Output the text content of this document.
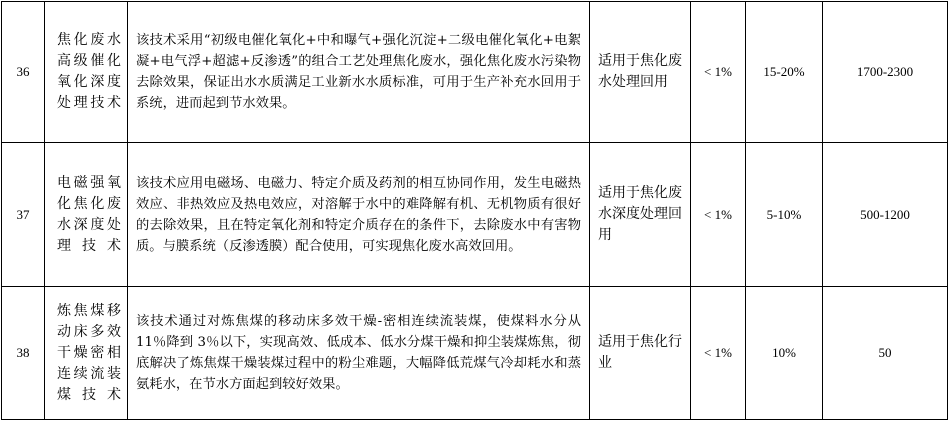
36	焦化废水高级催化氧化深度处理技术	该技术采用“初级电催化氧化+中和曝气+强化沉淀+二级电催化氧化+电絮凝+电气浮+超滤+反渗透”的组合工艺处理焦化废水，强化焦化废水污染物去除效果，保证出水水质满足工业新水水质标准，可用于生产补充水回用于系统，进而起到节水效果。	适用于焦化废水处理回用	< 1%	15-20%	1700-2300
37	电磁强氧化焦化废水深度处理技术	该技术应用电磁场、电磁力、特定介质及药剂的相互协同作用，发生电磁热效应、非热效应及热电效应，对溶解于水中的难降解有机、无机物质有很好的去除效果，且在特定氧化剂和特定介质存在的条件下，去除废水中有害物质。与膜系统（反渗透膜）配合使用，可实现焦化废水高效回用。	适用于焦化废水深度处理回用	< 1%	5-10%	500-1200
38	炼焦煤移动床多效干燥密相连续流装煤技术	该技术通过对炼焦煤的移动床多效干燥-密相连续流装煤，使煤料水分从 11％降到 3％以下，实现高效、低成本、低水分煤干燥和抑尘装煤炼焦，彻底解决了炼焦煤干燥装煤过程中的粉尘难题，大幅降低荒煤气冷却耗水和蒸氨耗水，在节水方面起到较好效果。	适用于焦化行业	< 1%	10%	50
